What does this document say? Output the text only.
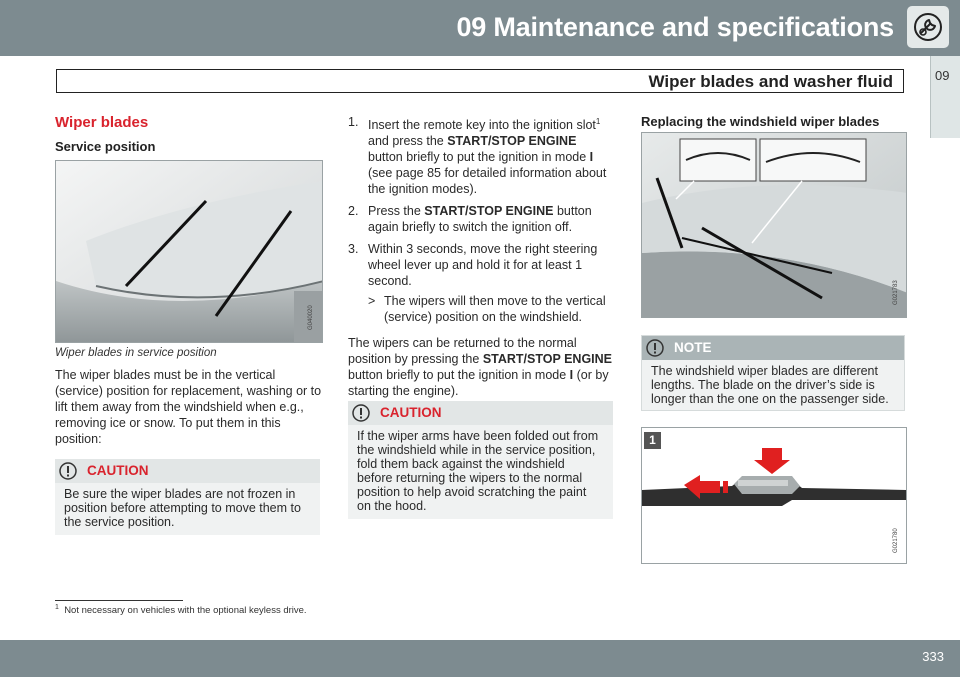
09 Maintenance and specifications
Wiper blades and washer fluid	09
Wiper blades
Service position
G040020
Wiper blades in service position
The wiper blades must be in the vertical (service) position for replacement, washing or to lift them away from the windshield when e.g., removing ice or snow. To put them in this position:
CAUTION
Be sure the wiper blades are not frozen in position before attempting to move them to the service position.
1. Insert the remote key into the ignition slot$^1$ and press the START/STOP ENGINE button briefly to put the ignition in mode I (see page 85 for detailed information about the ignition modes).
2. Press the START/STOP ENGINE button again briefly to switch the ignition off.
3. Within 3 seconds, move the right steering wheel lever up and hold it for at least 1 second.
> The wipers will then move to the vertical (service) position on the windshield.
The wipers can be returned to the normal position by pressing the START/STOP ENGINE button briefly to put the ignition in mode I (or by starting the engine).
CAUTION
If the wiper arms have been folded out from the windshield while in the service position, fold them back against the windshield before returning the wipers to the normal position to help avoid scratching the paint on the hood.
Replacing the windshield wiper blades
G021783
NOTE
The windshield wiper blades are different lengths. The blade on the driver’s side is longer than the one on the passenger side.
1
G021780
$^1$ Not necessary on vehicles with the optional keyless drive.
333
